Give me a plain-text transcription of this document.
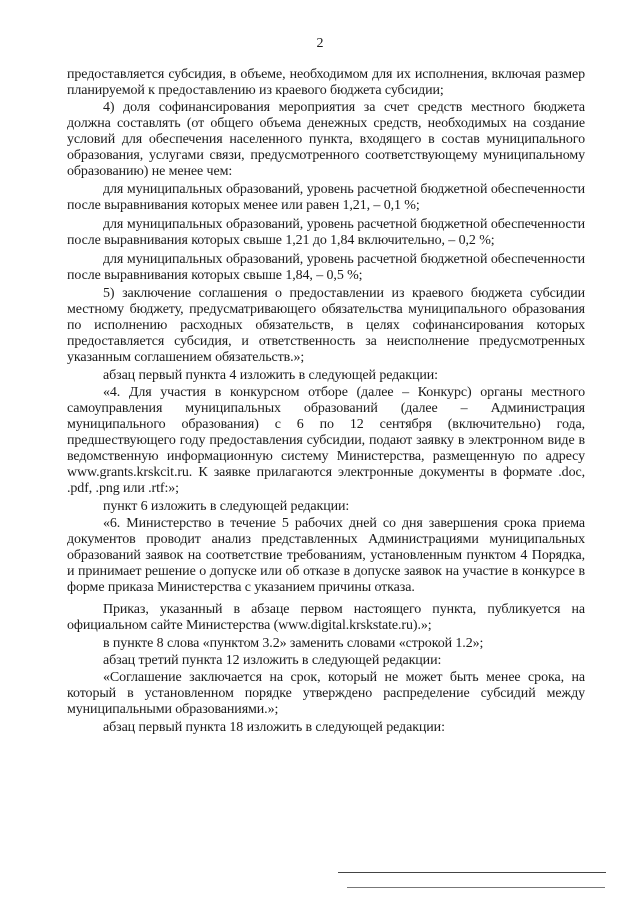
2

предоставляется субсидия, в объеме, необходимом для их исполнения, включая размер планируемой к предоставлению из краевого бюджета субсидии;

4) доля софинансирования мероприятия за счет средств местного бюджета должна составлять (от общего объема денежных средств, необходимых на создание условий для обеспечения населенного пункта, входящего в состав муниципального образования, услугами связи, предусмотренного соответствующему муниципальному образованию) не менее чем:

для муниципальных образований, уровень расчетной бюджетной обеспеченности после выравнивания которых менее или равен 1,21, – 0,1 %;

для муниципальных образований, уровень расчетной бюджетной обеспеченности после выравнивания которых свыше 1,21 до 1,84 включительно, – 0,2 %;

для муниципальных образований, уровень расчетной бюджетной обеспеченности после выравнивания которых свыше 1,84, – 0,5 %;

5) заключение соглашения о предоставлении из краевого бюджета субсидии местному бюджету, предусматривающего обязательства муниципального образования по исполнению расходных обязательств, в целях софинансирования которых предоставляется субсидия, и ответственность за неисполнение предусмотренных указанным соглашением обязательств.»;

абзац первый пункта 4 изложить в следующей редакции:

«4. Для участия в конкурсном отборе (далее – Конкурс) органы местного самоуправления муниципальных образований (далее – Администрация муниципального образования) с 6 по 12 сентября (включительно) года, предшествующего году предоставления субсидии, подают заявку в электронном виде в ведомственную информационную систему Министерства, размещенную по адресу www.grants.krskcit.ru. К заявке прилагаются электронные документы в формате .doc, .pdf, .png или .rtf:»;

пункт 6 изложить в следующей редакции:

«6. Министерство в течение 5 рабочих дней со дня завершения срока приема документов проводит анализ представленных Администрациями муниципальных образований заявок на соответствие требованиям, установленным пунктом 4 Порядка, и принимает решение о допуске или об отказе в допуске заявок на участие в конкурсе в форме приказа Министерства с указанием причины отказа.

Приказ, указанный в абзаце первом настоящего пункта, публикуется на официальном сайте Министерства (www.digital.krskstate.ru).»;

в пункте 8 слова «пунктом 3.2» заменить словами «строкой 1.2»;

абзац третий пункта 12 изложить в следующей редакции:

«Соглашение заключается на срок, который не может быть менее срока, на который в установленном порядке утверждено распределение субсидий между муниципальными образованиями.»;

абзац первый пункта 18 изложить в следующей редакции:
